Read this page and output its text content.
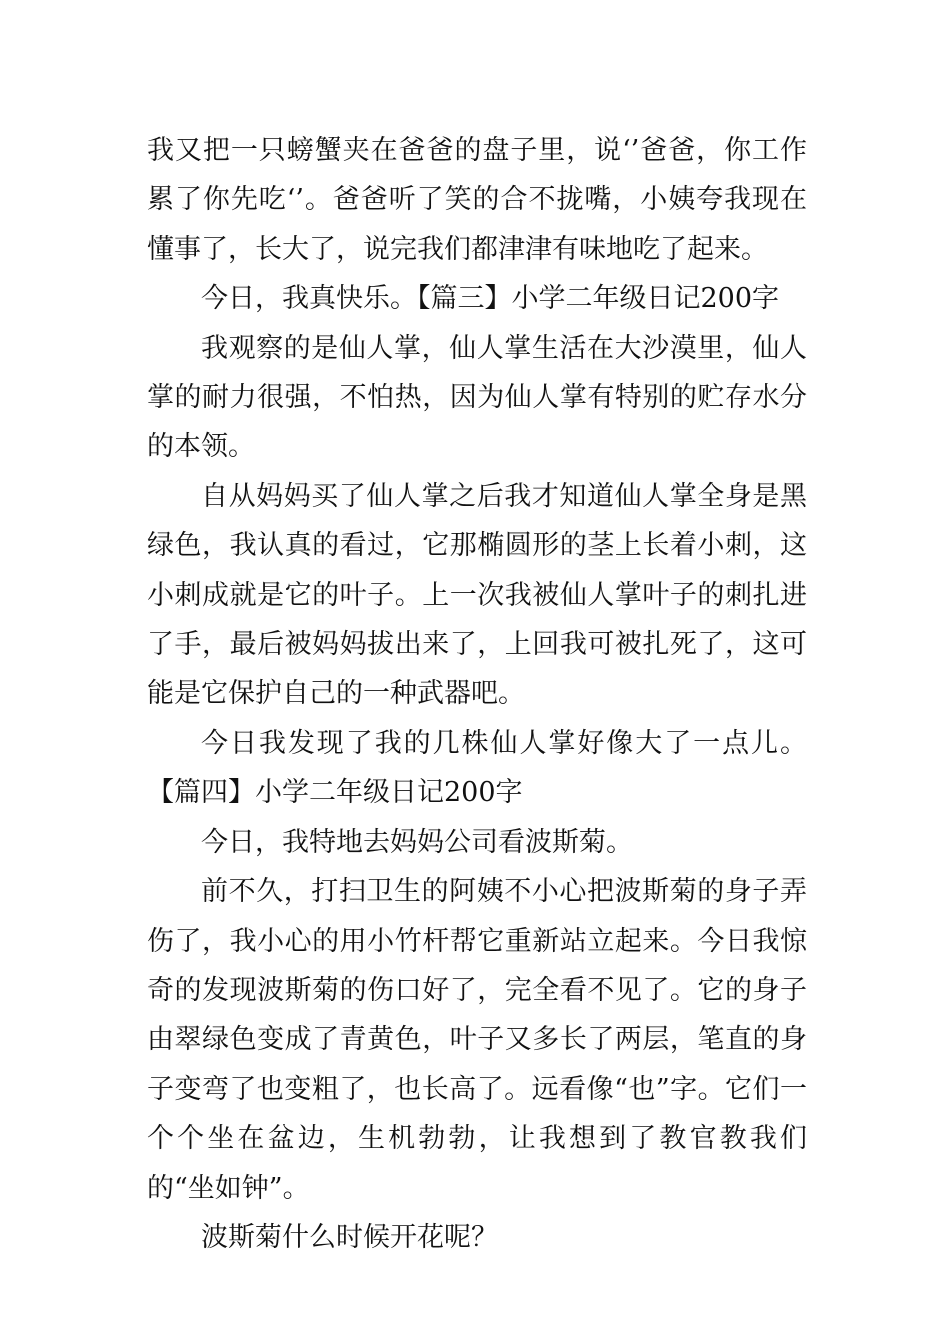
我又把一只螃蟹夹在爸爸的盘子里，说‘’爸爸，你工作累了你先吃‘’。爸爸听了笑的合不拢嘴，小姨夸我现在懂事了，长大了，说完我们都津津有味地吃了起来。

今日，我真快乐。【篇三】小学二年级日记200字

我观察的是仙人掌，仙人掌生活在大沙漠里，仙人掌的耐力很强，不怕热，因为仙人掌有特别的贮存水分的本领。

自从妈妈买了仙人掌之后我才知道仙人掌全身是黑绿色，我认真的看过，它那椭圆形的茎上长着小刺，这小刺成就是它的叶子。上一次我被仙人掌叶子的刺扎进了手，最后被妈妈拔出来了，上回我可被扎死了，这可能是它保护自己的一种武器吧。

今日我发现了我的几株仙人掌好像大了一点儿。【篇四】小学二年级日记200字

今日，我特地去妈妈公司看波斯菊。

前不久，打扫卫生的阿姨不小心把波斯菊的身子弄伤了，我小心的用小竹杆帮它重新站立起来。今日我惊奇的发现波斯菊的伤口好了，完全看不见了。它的身子由翠绿色变成了青黄色，叶子又多长了两层，笔直的身子变弯了也变粗了，也长高了。远看像“也”字。它们一个个坐在盆边，生机勃勃，让我想到了教官教我们的“坐如钟”。

波斯菊什么时候开花呢？
